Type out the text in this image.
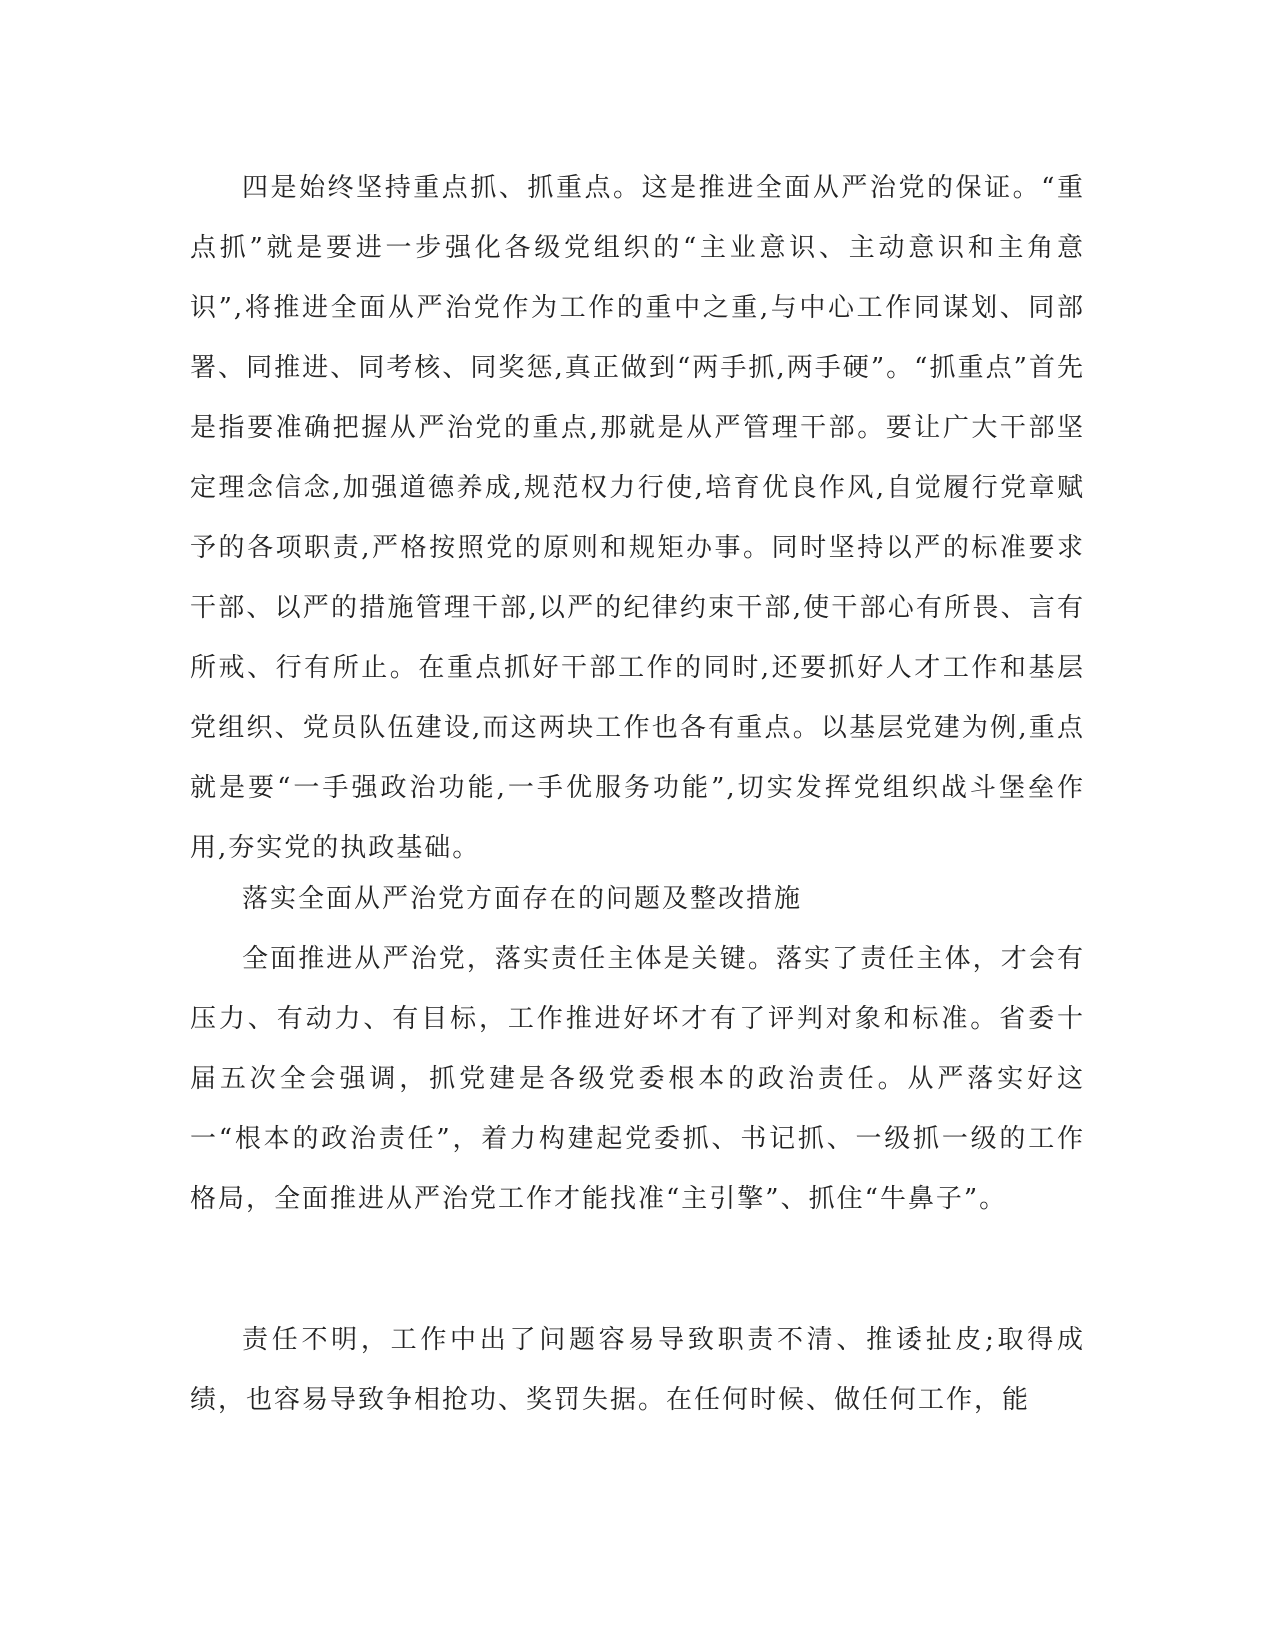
四是始终坚持重点抓、抓重点。这是推进全面从严治党的保证。“重点抓”就是要进一步强化各级党组织的“主业意识、主动意识和主角意识”,将推进全面从严治党作为工作的重中之重,与中心工作同谋划、同部署、同推进、同考核、同奖惩,真正做到“两手抓,两手硬”。“抓重点”首先是指要准确把握从严治党的重点,那就是从严管理干部。要让广大干部坚定理念信念,加强道德养成,规范权力行使,培育优良作风,自觉履行党章赋予的各项职责,严格按照党的原则和规矩办事。同时坚持以严的标准要求干部、以严的措施管理干部,以严的纪律约束干部,使干部心有所畏、言有所戒、行有所止。在重点抓好干部工作的同时,还要抓好人才工作和基层党组织、党员队伍建设,而这两块工作也各有重点。以基层党建为例,重点就是要“一手强政治功能,一手优服务功能”,切实发挥党组织战斗堡垒作用,夯实党的执政基础。

落实全面从严治党方面存在的问题及整改措施

全面推进从严治党，落实责任主体是关键。落实了责任主体，才会有压力、有动力、有目标，工作推进好坏才有了评判对象和标准。省委十届五次全会强调，抓党建是各级党委根本的政治责任。从严落实好这一“根本的政治责任”，着力构建起党委抓、书记抓、一级抓一级的工作格局，全面推进从严治党工作才能找准“主引擎”、抓住“牛鼻子”。

责任不明，工作中出了问题容易导致职责不清、推诿扯皮;取得成绩，也容易导致争相抢功、奖罚失据。在任何时候、做任何工作，能
